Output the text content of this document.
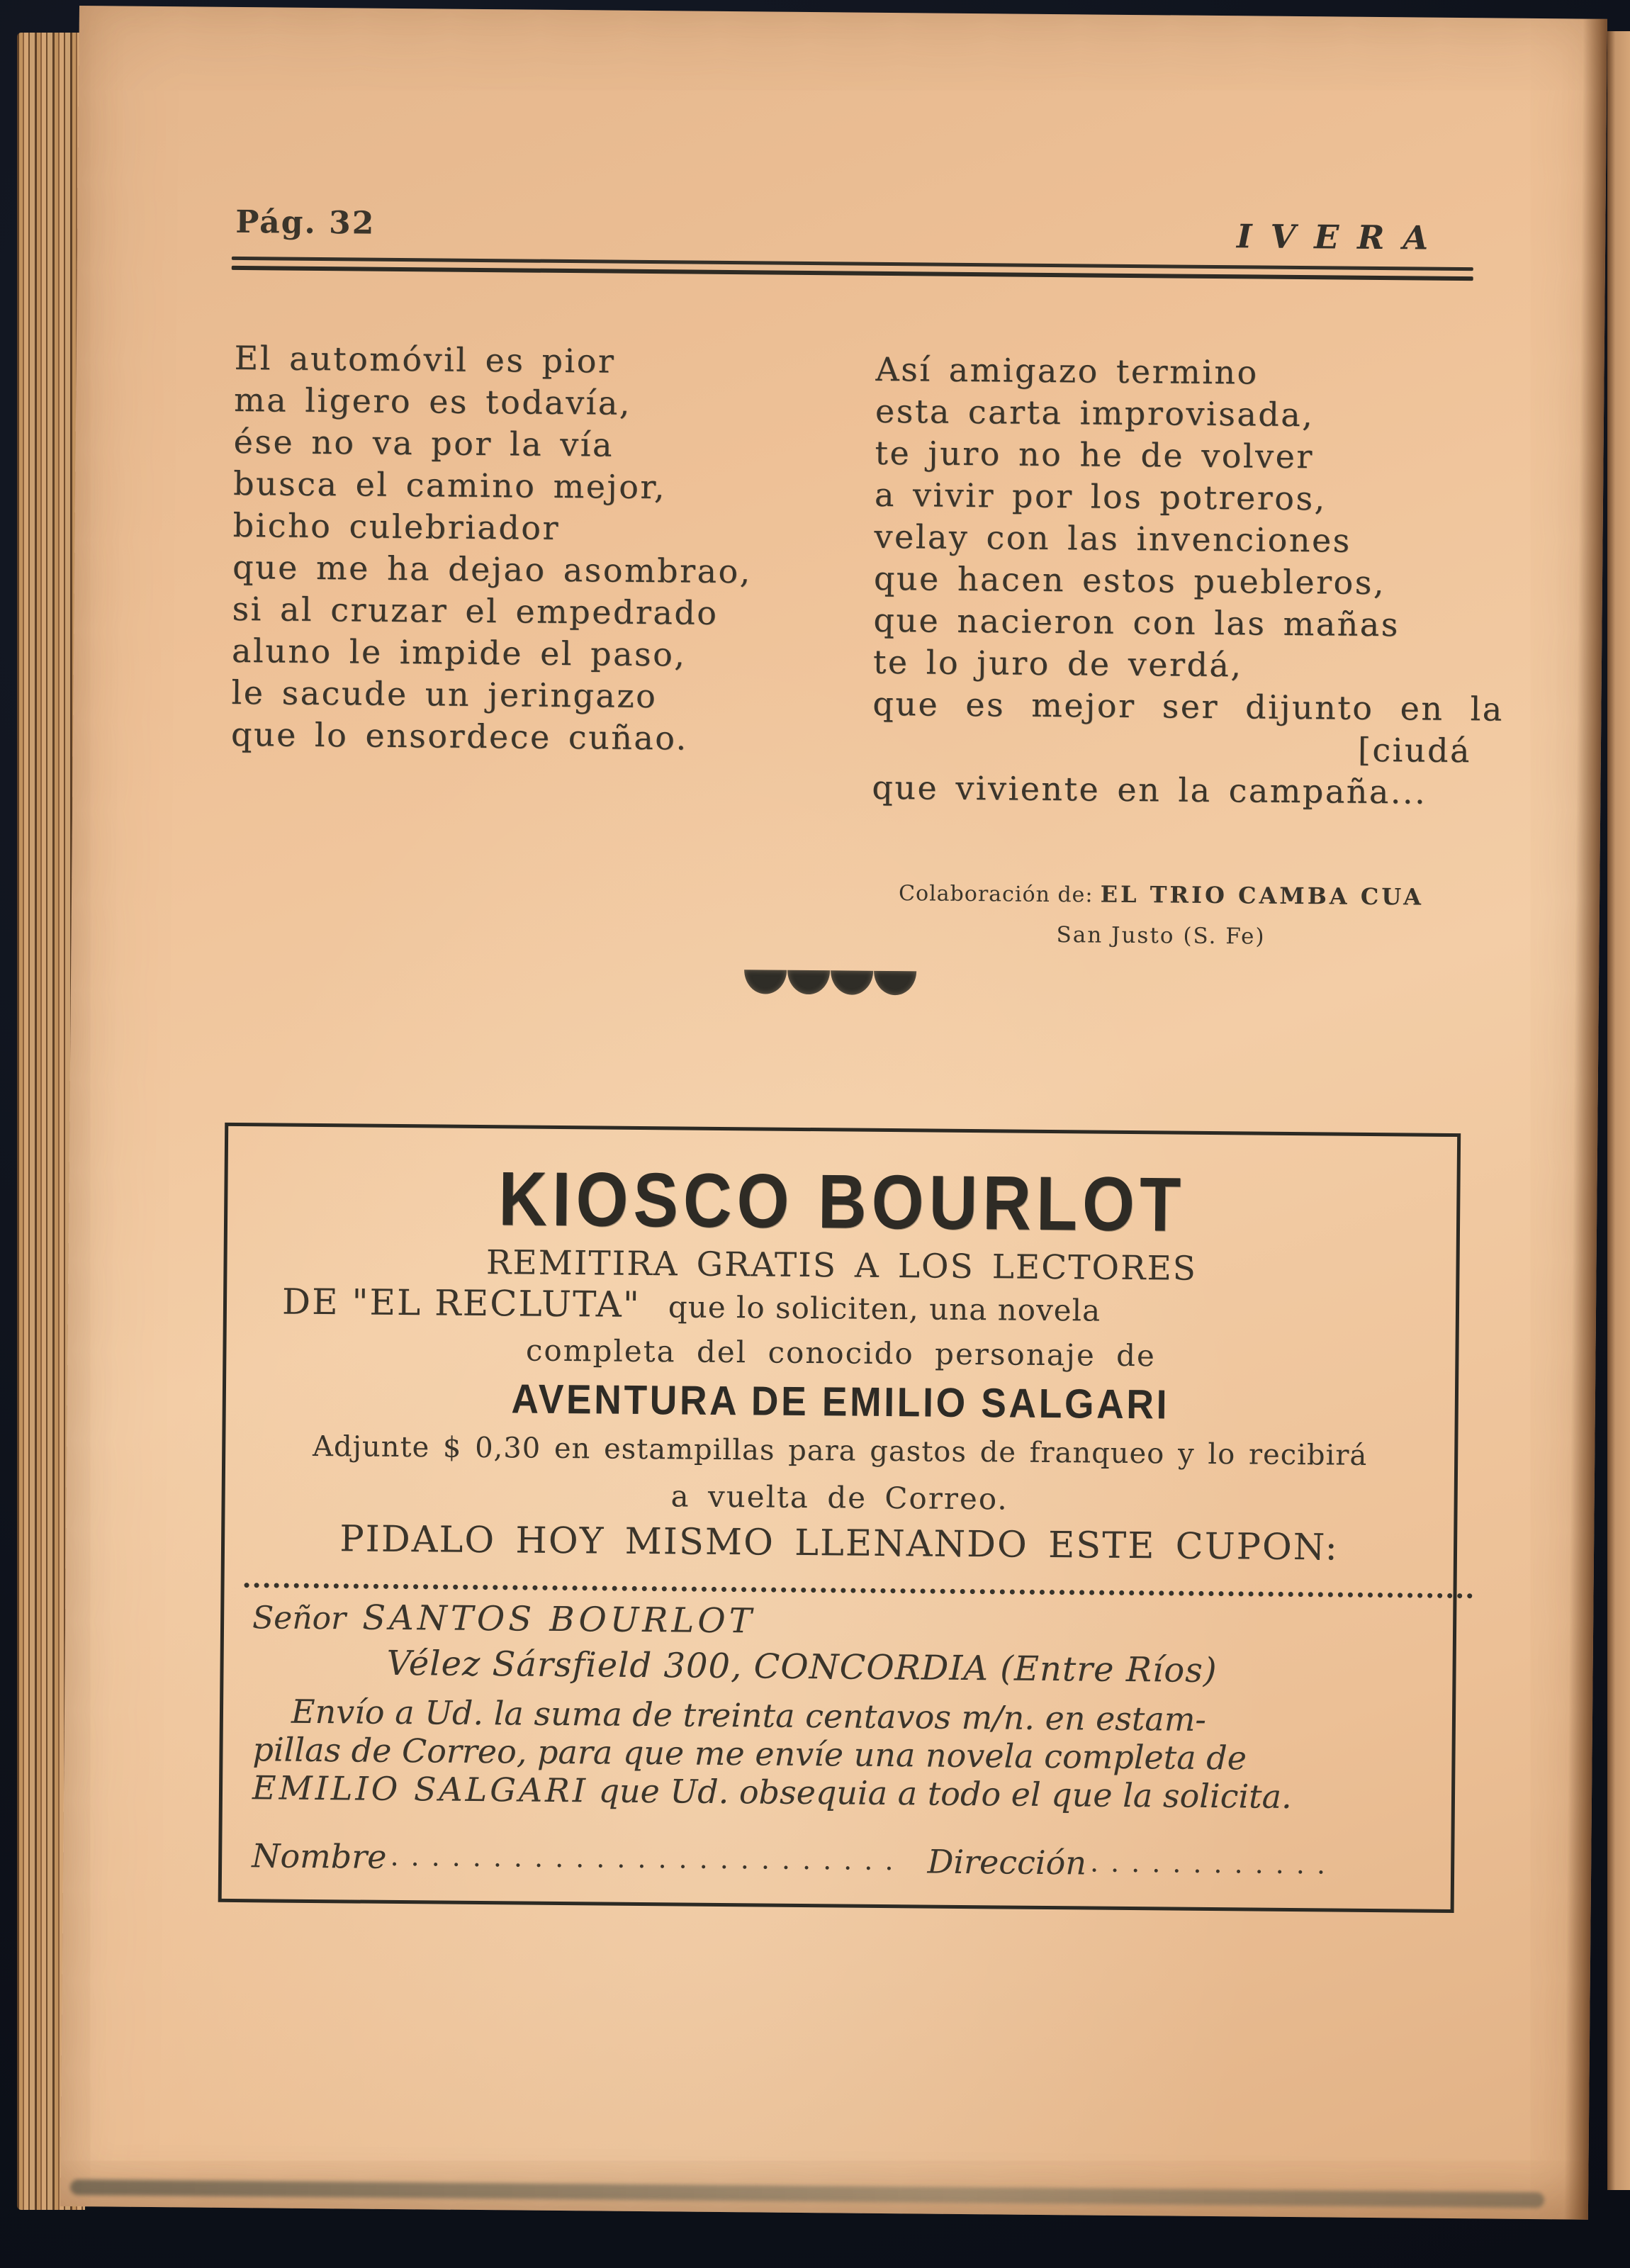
Pág. 32	IVERA
El automóvil es pior
ma ligero es todavía,
ése no va por la vía
busca el camino mejor,
bicho culebriador
que me ha dejao asombrao,
si al cruzar el empedrado
aluno le impide el paso,
le sacude un jeringazo
que lo ensordece cuñao.
Así amigazo termino
esta carta improvisada,
te juro no he de volver
a vivir por los potreros,
velay con las invenciones
que hacen estos puebleros,
que nacieron con las mañas
te lo juro de verdá,
que es mejor ser dijunto en la
[ciudá
que viviente en la campaña...
Colaboración de: EL TRIO CAMBA CUA
San Justo (S. Fe)
KIOSCO BOURLOT
REMITIRA GRATIS A LOS LECTORES
DE "EL RECLUTA" que lo soliciten, una novela
completa del conocido personaje de
AVENTURA DE EMILIO SALGARI
Adjunte $ 0,30 en estampillas para gastos de franqueo y lo recibirá
a vuelta de Correo.
PIDALO HOY MISMO LLENANDO ESTE CUPON:
Señor SANTOS BOURLOT
Vélez Sársfield 300, CONCORDIA (Entre Ríos)
Envío a Ud. la suma de treinta centavos m/n. en estam-
pillas de Correo, para que me envíe una novela completa de
EMILIO SALGARI que Ud. obsequia a todo el que la solicita.
Nombre ......................... Dirección ............
